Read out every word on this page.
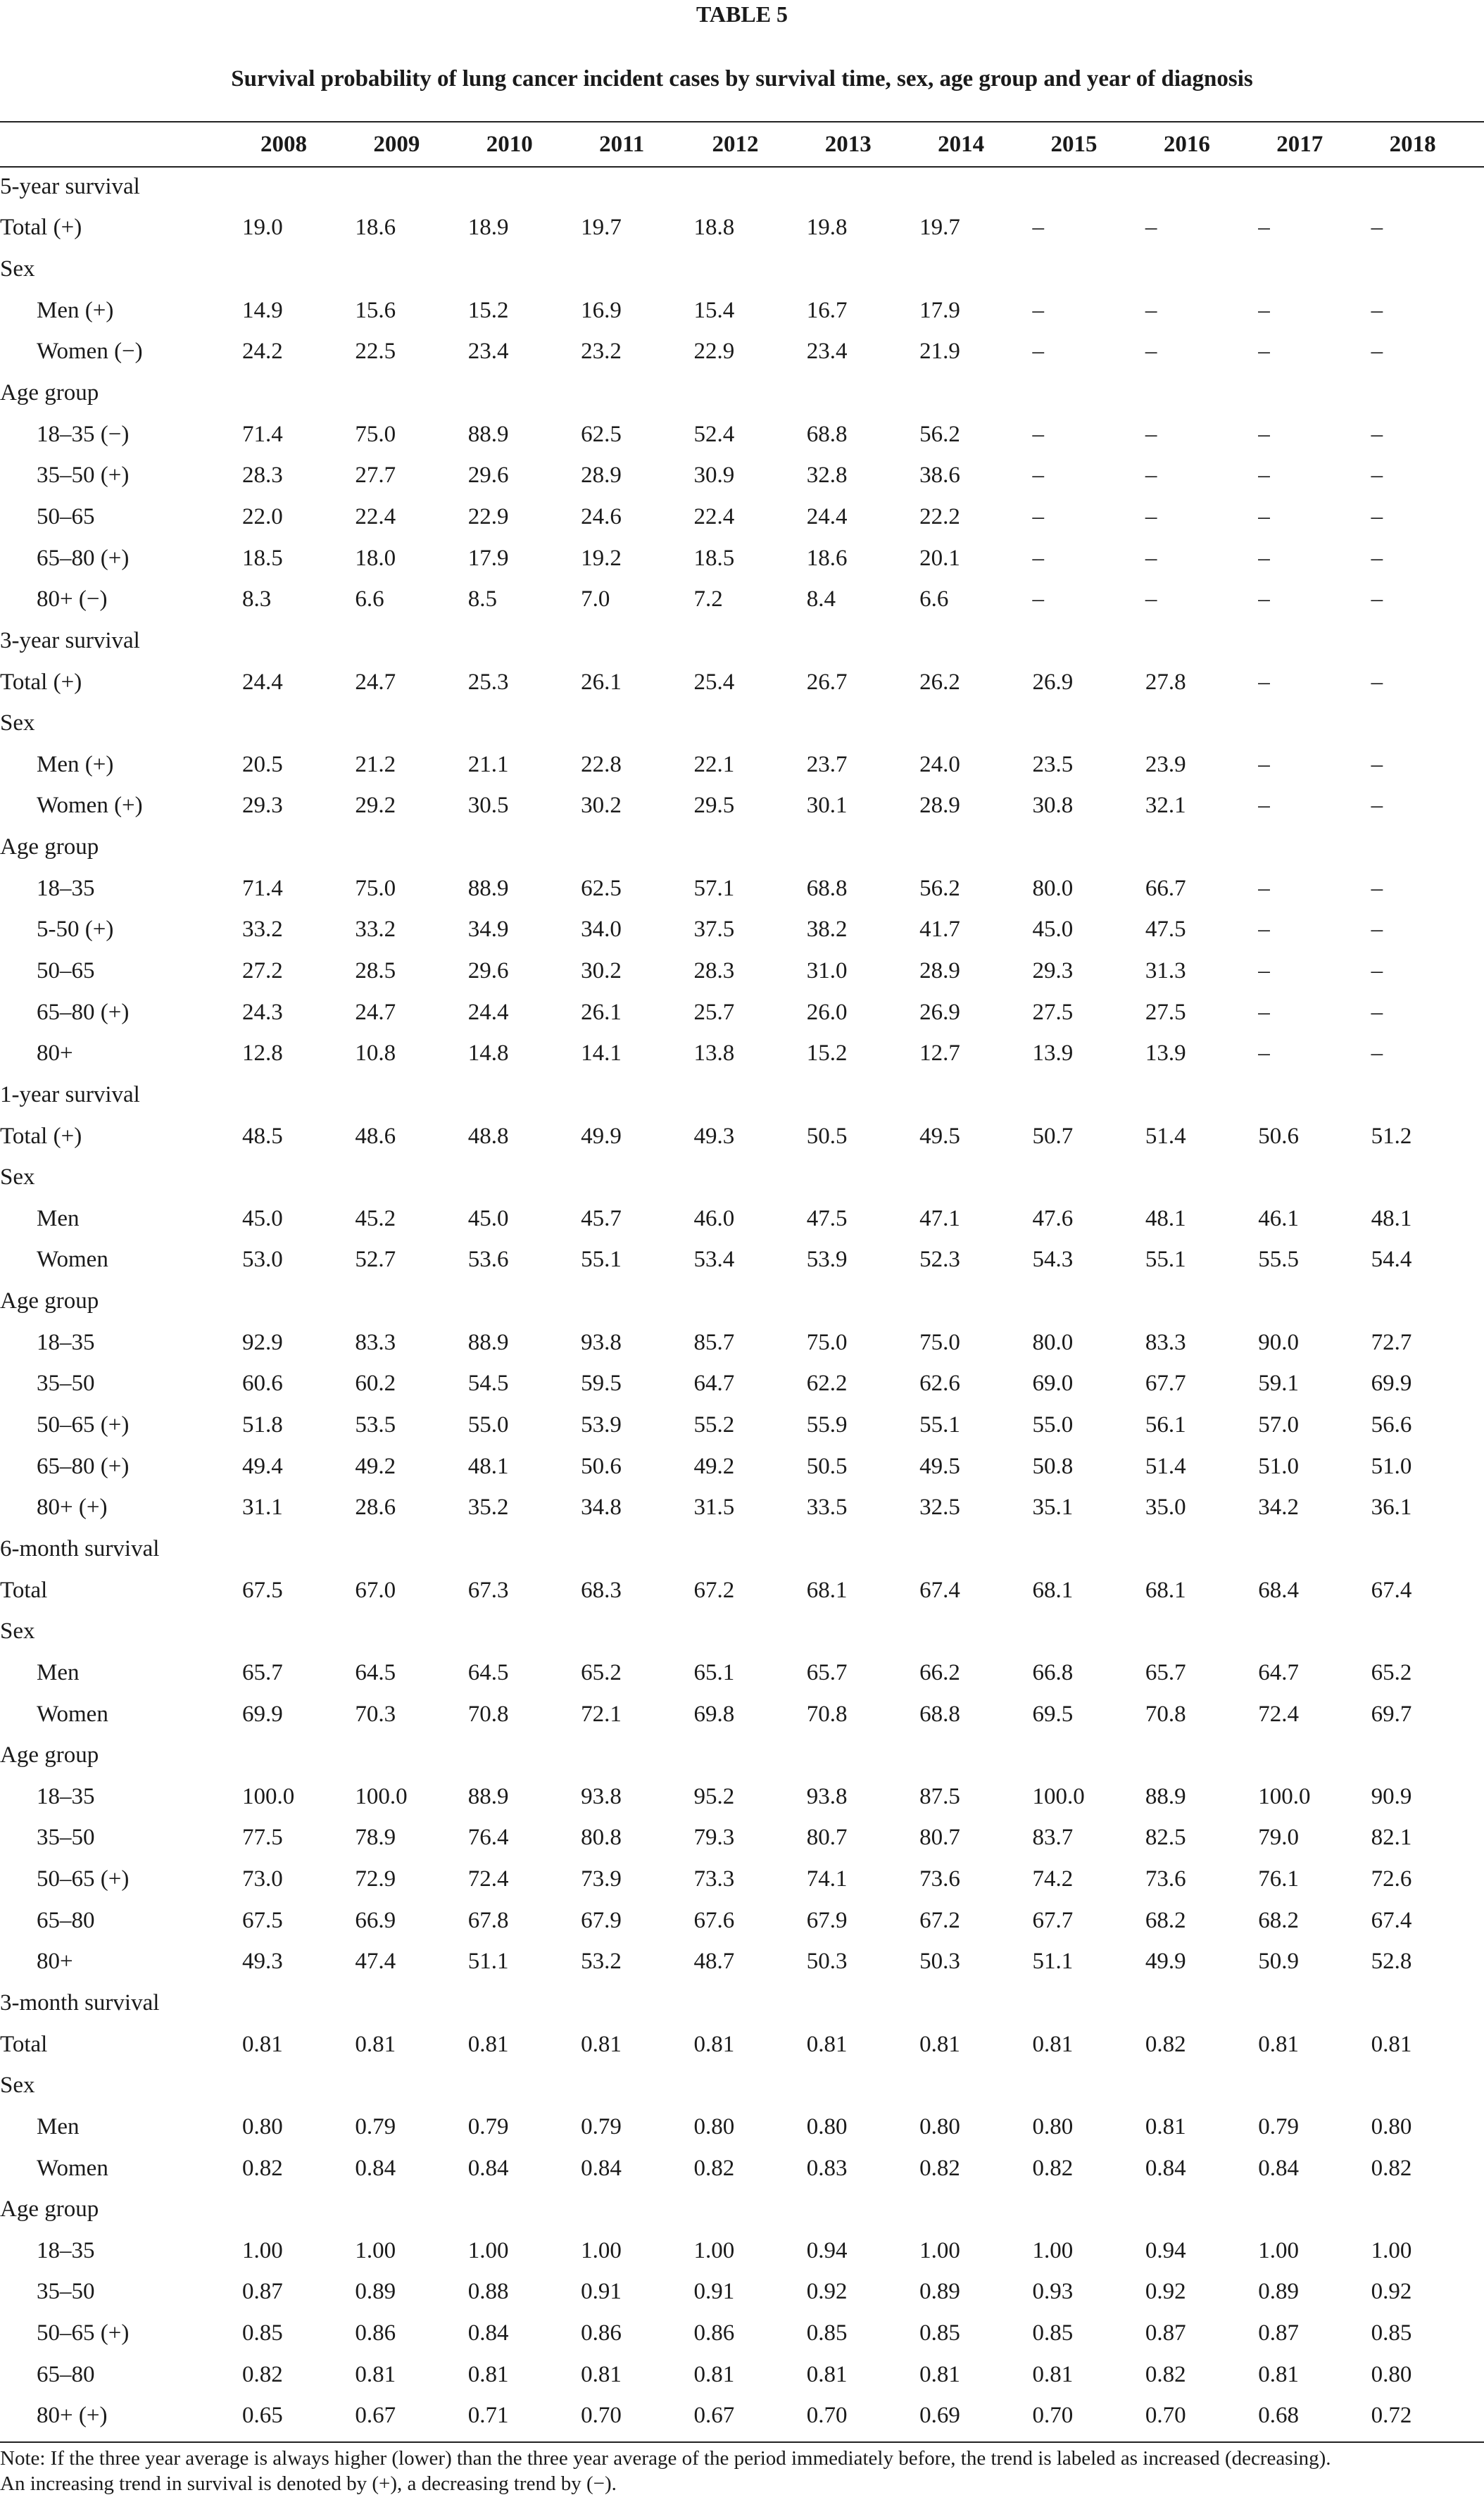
TABLE 5
Survival probability of lung cancer incident cases by survival time, sex, age group and year of diagnosis
	2008	2009	2010	2011	2012	2013	2014	2015	2016	2017	2018
5-year survival											
Total (+)	19.0	18.6	18.9	19.7	18.8	19.8	19.7	–	–	–	–
Sex											
Men (+)	14.9	15.6	15.2	16.9	15.4	16.7	17.9	–	–	–	–
Women (−)	24.2	22.5	23.4	23.2	22.9	23.4	21.9	–	–	–	–
Age group											
18–35 (−)	71.4	75.0	88.9	62.5	52.4	68.8	56.2	–	–	–	–
35–50 (+)	28.3	27.7	29.6	28.9	30.9	32.8	38.6	–	–	–	–
50–65	22.0	22.4	22.9	24.6	22.4	24.4	22.2	–	–	–	–
65–80 (+)	18.5	18.0	17.9	19.2	18.5	18.6	20.1	–	–	–	–
80+ (−)	8.3	6.6	8.5	7.0	7.2	8.4	6.6	–	–	–	–
3-year survival											
Total (+)	24.4	24.7	25.3	26.1	25.4	26.7	26.2	26.9	27.8	–	–
Sex											
Men (+)	20.5	21.2	21.1	22.8	22.1	23.7	24.0	23.5	23.9	–	–
Women (+)	29.3	29.2	30.5	30.2	29.5	30.1	28.9	30.8	32.1	–	–
Age group											
18–35	71.4	75.0	88.9	62.5	57.1	68.8	56.2	80.0	66.7	–	–
5-50 (+)	33.2	33.2	34.9	34.0	37.5	38.2	41.7	45.0	47.5	–	–
50–65	27.2	28.5	29.6	30.2	28.3	31.0	28.9	29.3	31.3	–	–
65–80 (+)	24.3	24.7	24.4	26.1	25.7	26.0	26.9	27.5	27.5	–	–
80+	12.8	10.8	14.8	14.1	13.8	15.2	12.7	13.9	13.9	–	–
1-year survival											
Total (+)	48.5	48.6	48.8	49.9	49.3	50.5	49.5	50.7	51.4	50.6	51.2
Sex											
Men	45.0	45.2	45.0	45.7	46.0	47.5	47.1	47.6	48.1	46.1	48.1
Women	53.0	52.7	53.6	55.1	53.4	53.9	52.3	54.3	55.1	55.5	54.4
Age group											
18–35	92.9	83.3	88.9	93.8	85.7	75.0	75.0	80.0	83.3	90.0	72.7
35–50	60.6	60.2	54.5	59.5	64.7	62.2	62.6	69.0	67.7	59.1	69.9
50–65 (+)	51.8	53.5	55.0	53.9	55.2	55.9	55.1	55.0	56.1	57.0	56.6
65–80 (+)	49.4	49.2	48.1	50.6	49.2	50.5	49.5	50.8	51.4	51.0	51.0
80+ (+)	31.1	28.6	35.2	34.8	31.5	33.5	32.5	35.1	35.0	34.2	36.1
6-month survival											
Total	67.5	67.0	67.3	68.3	67.2	68.1	67.4	68.1	68.1	68.4	67.4
Sex											
Men	65.7	64.5	64.5	65.2	65.1	65.7	66.2	66.8	65.7	64.7	65.2
Women	69.9	70.3	70.8	72.1	69.8	70.8	68.8	69.5	70.8	72.4	69.7
Age group											
18–35	100.0	100.0	88.9	93.8	95.2	93.8	87.5	100.0	88.9	100.0	90.9
35–50	77.5	78.9	76.4	80.8	79.3	80.7	80.7	83.7	82.5	79.0	82.1
50–65 (+)	73.0	72.9	72.4	73.9	73.3	74.1	73.6	74.2	73.6	76.1	72.6
65–80	67.5	66.9	67.8	67.9	67.6	67.9	67.2	67.7	68.2	68.2	67.4
80+	49.3	47.4	51.1	53.2	48.7	50.3	50.3	51.1	49.9	50.9	52.8
3-month survival											
Total	0.81	0.81	0.81	0.81	0.81	0.81	0.81	0.81	0.82	0.81	0.81
Sex											
Men	0.80	0.79	0.79	0.79	0.80	0.80	0.80	0.80	0.81	0.79	0.80
Women	0.82	0.84	0.84	0.84	0.82	0.83	0.82	0.82	0.84	0.84	0.82
Age group											
18–35	1.00	1.00	1.00	1.00	1.00	0.94	1.00	1.00	0.94	1.00	1.00
35–50	0.87	0.89	0.88	0.91	0.91	0.92	0.89	0.93	0.92	0.89	0.92
50–65 (+)	0.85	0.86	0.84	0.86	0.86	0.85	0.85	0.85	0.87	0.87	0.85
65–80	0.82	0.81	0.81	0.81	0.81	0.81	0.81	0.81	0.82	0.81	0.80
80+ (+)	0.65	0.67	0.71	0.70	0.67	0.70	0.69	0.70	0.70	0.68	0.72
Note: If the three year average is always higher (lower) than the three year average of the period immediately before, the trend is labeled as increased (decreasing).
An increasing trend in survival is denoted by (+), a decreasing trend by (−).
